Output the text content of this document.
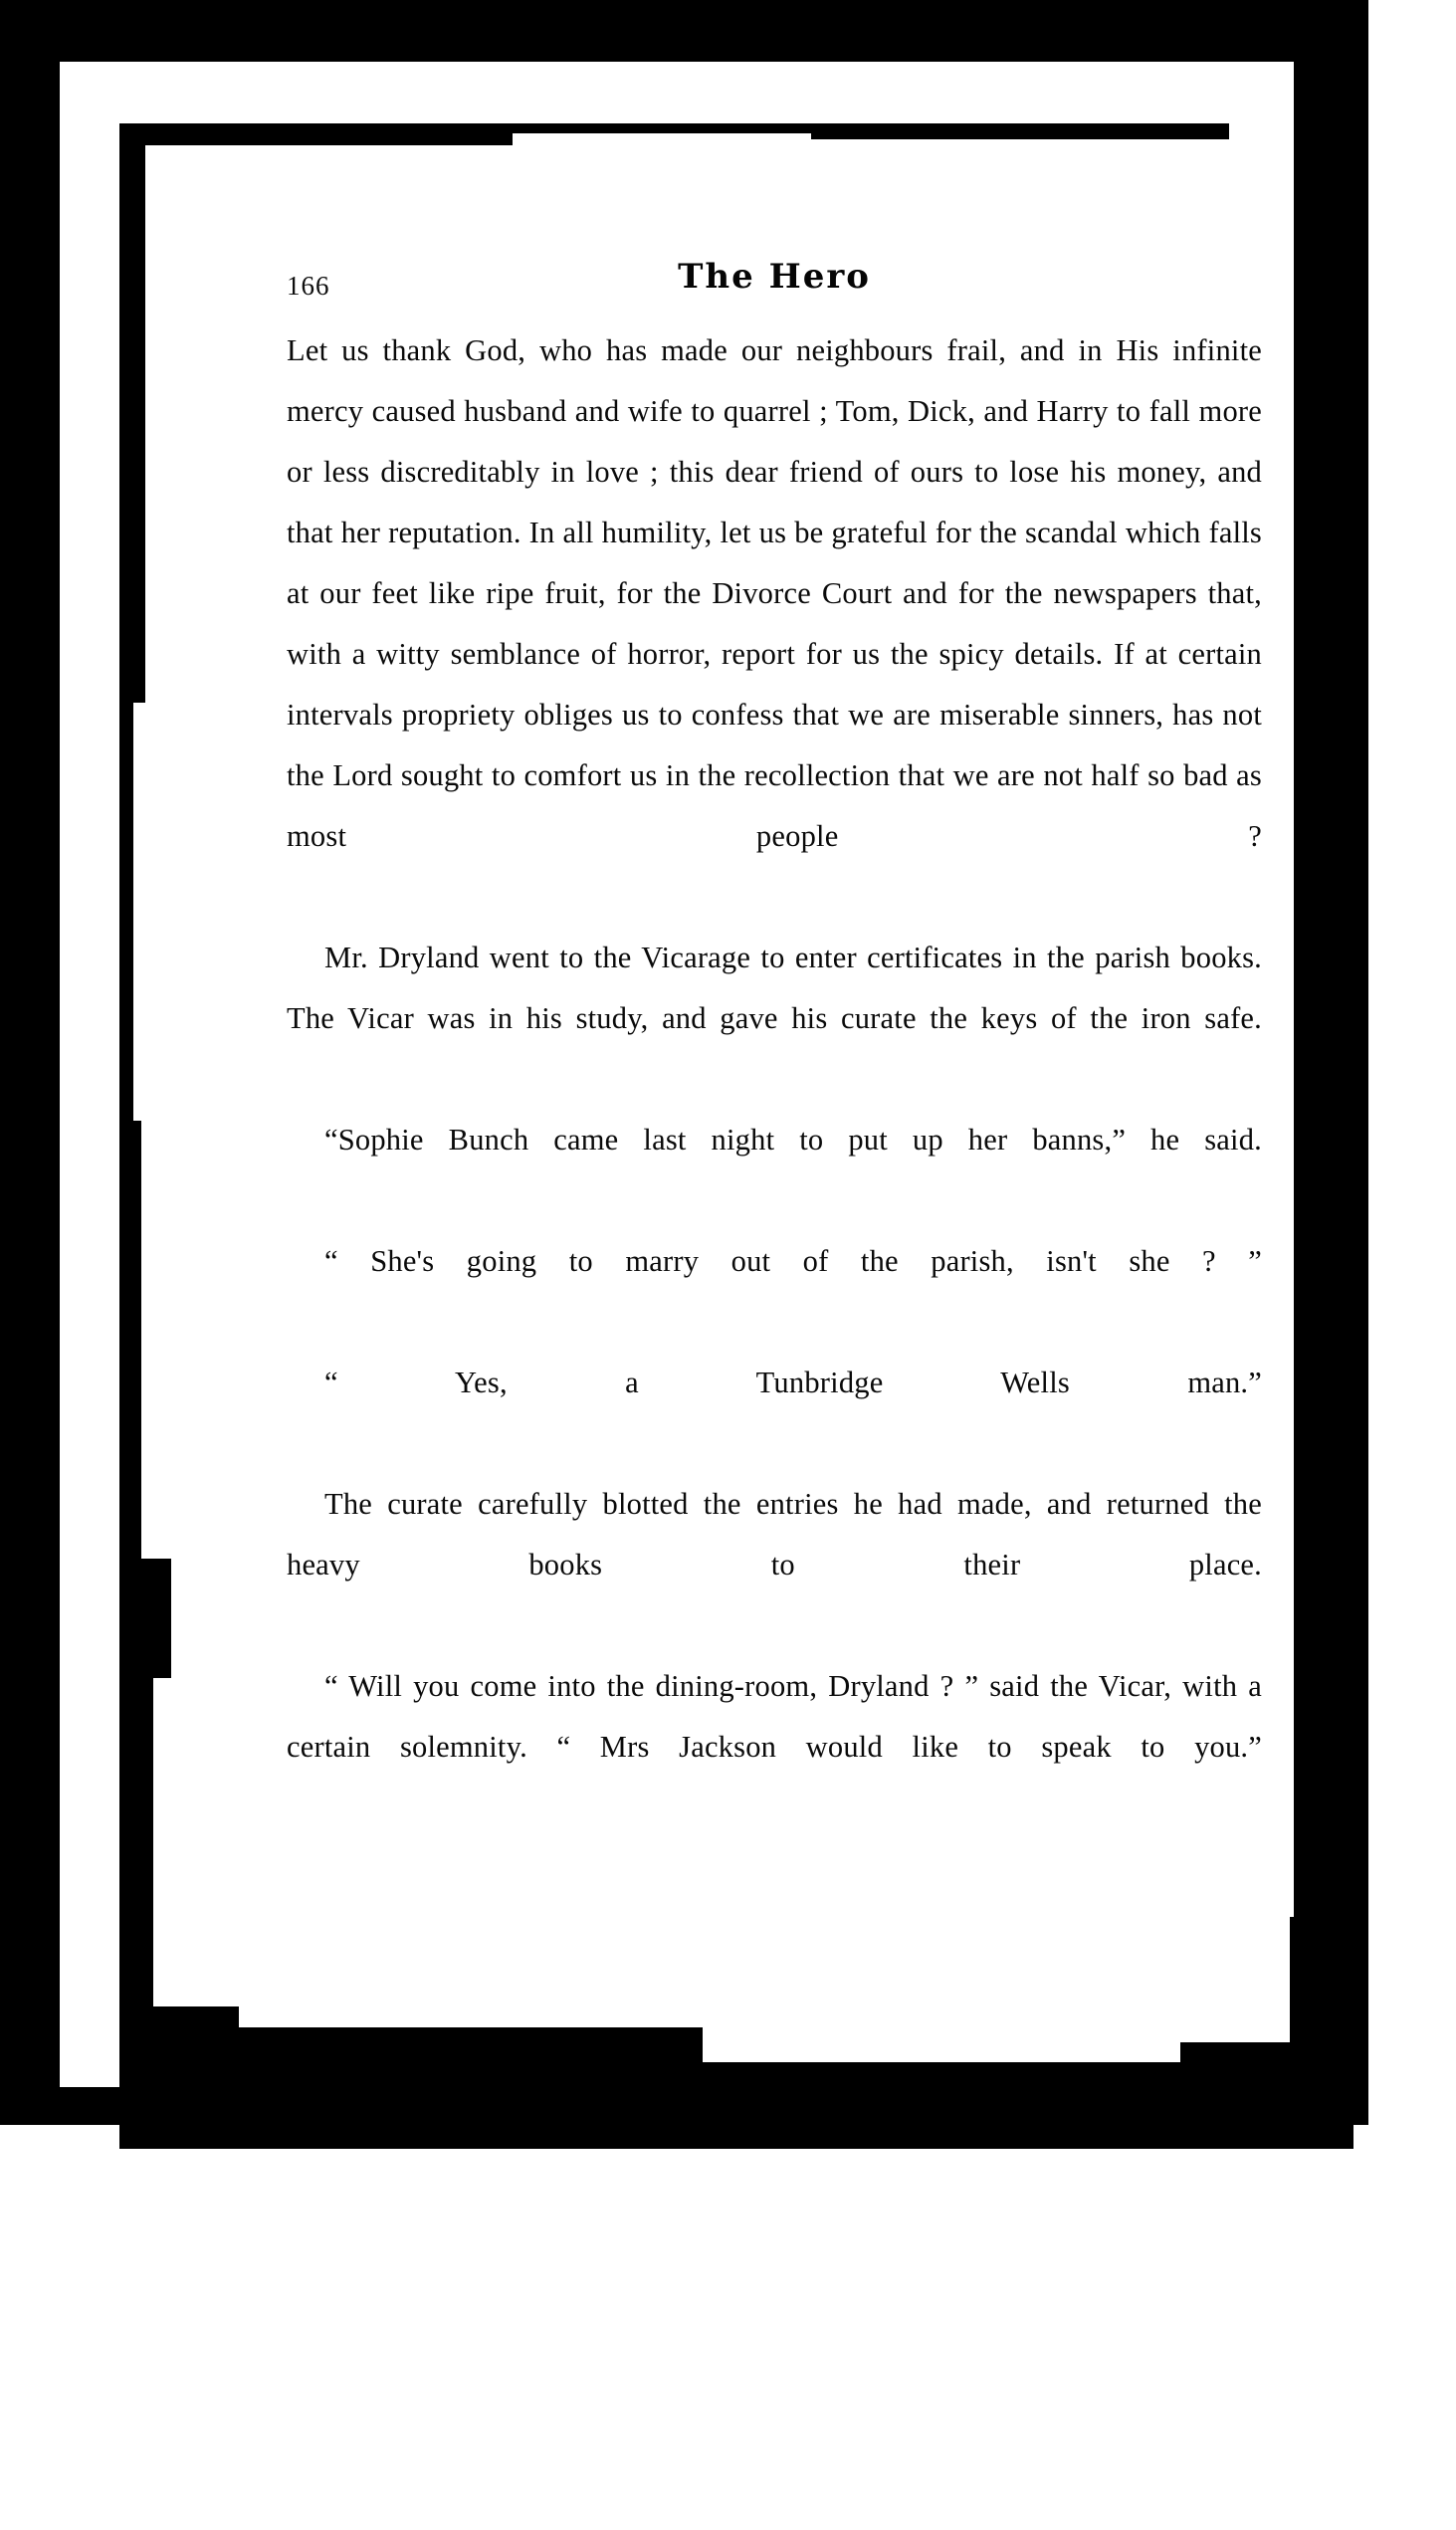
166	The Hero

Let us thank God, who has made our neighbours frail, and in His infinite mercy caused husband and wife to quarrel ; Tom, Dick, and Harry to fall more or less discreditably in love ; this dear friend of ours to lose his money, and that her reputation. In all humility, let us be grateful for the scandal which falls at our feet like ripe fruit, for the Divorce Court and for the newspapers that, with a witty semblance of horror, report for us the spicy details. If at certain intervals propriety obliges us to confess that we are miserable sinners, has not the Lord sought to comfort us in the recollection that we are not half so bad as most people ?

Mr. Dryland went to the Vicarage to enter certificates in the parish books. The Vicar was in his study, and gave his curate the keys of the iron safe.

“Sophie Bunch came last night to put up her banns,” he said.

“ She's going to marry out of the parish, isn't she ? ”

“ Yes, a Tunbridge Wells man.”

The curate carefully blotted the entries he had made, and returned the heavy books to their place.

“ Will you come into the dining-room, Dryland ? ” said the Vicar, with a certain solemnity. “ Mrs Jackson would like to speak to you.”
